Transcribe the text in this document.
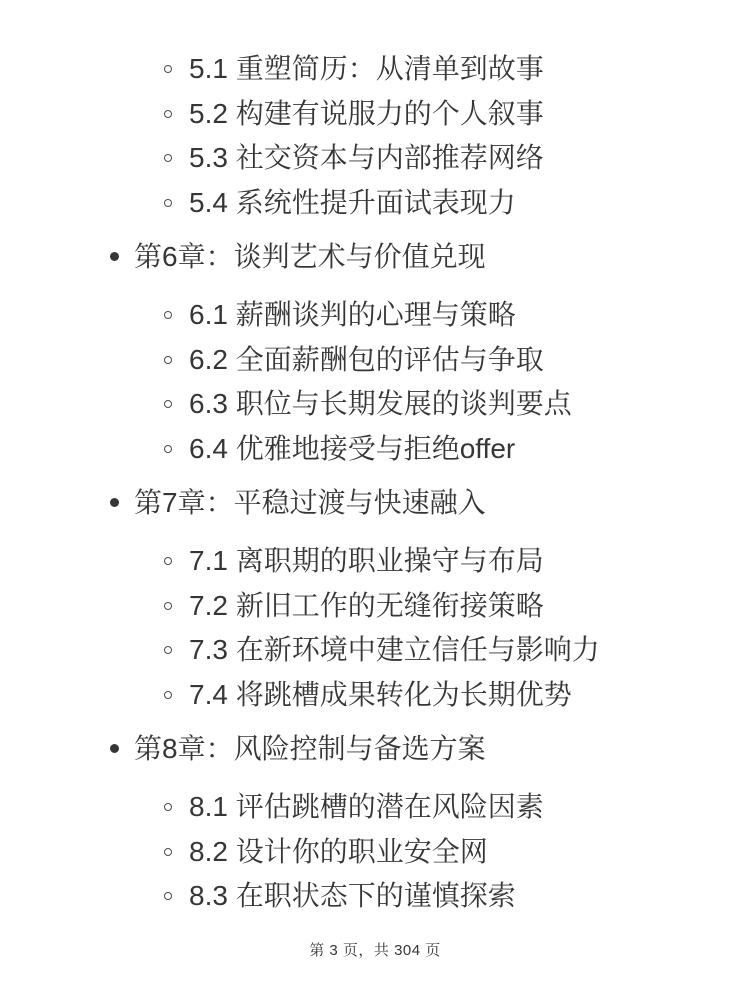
5.1 重塑简历：从清单到故事
5.2 构建有说服力的个人叙事
5.3 社交资本与内部推荐网络
5.4 系统性提升面试表现力
第6章：谈判艺术与价值兑现
6.1 薪酬谈判的心理与策略
6.2 全面薪酬包的评估与争取
6.3 职位与长期发展的谈判要点
6.4 优雅地接受与拒绝offer
第7章：平稳过渡与快速融入
7.1 离职期的职业操守与布局
7.2 新旧工作的无缝衔接策略
7.3 在新环境中建立信任与影响力
7.4 将跳槽成果转化为长期优势
第8章：风险控制与备选方案
8.1 评估跳槽的潜在风险因素
8.2 设计你的职业安全网
8.3 在职状态下的谨慎探索
第 3 页，共 304 页
